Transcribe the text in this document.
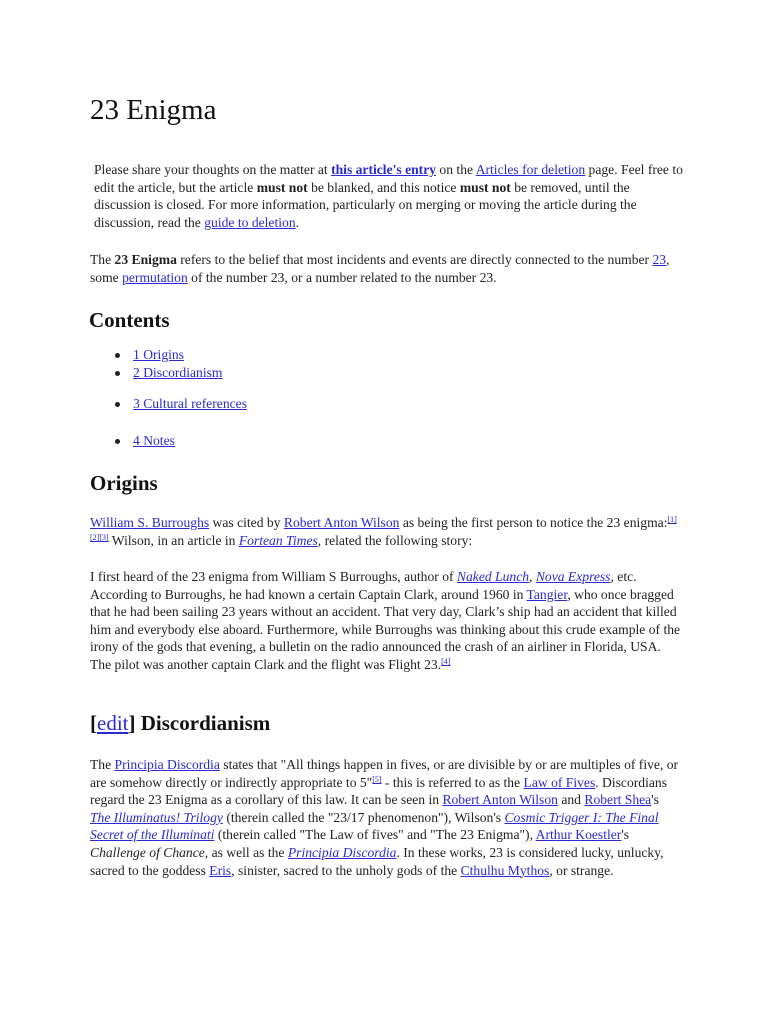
23 Enigma
Please share your thoughts on the matter at this article's entry on the Articles for deletion page. Feel free to edit the article, but the article must not be blanked, and this notice must not be removed, until the discussion is closed. For more information, particularly on merging or moving the article during the discussion, read the guide to deletion.
The 23 Enigma refers to the belief that most incidents and events are directly connected to the number 23, some permutation of the number 23, or a number related to the number 23.
Contents
1 Origins
2 Discordianism
3 Cultural references
4 Notes
Origins
William S. Burroughs was cited by Robert Anton Wilson as being the first person to notice the 23 enigma:[1][2][3] Wilson, in an article in Fortean Times, related the following story:
I first heard of the 23 enigma from William S Burroughs, author of Naked Lunch, Nova Express, etc. According to Burroughs, he had known a certain Captain Clark, around 1960 in Tangier, who once bragged that he had been sailing 23 years without an accident. That very day, Clark’s ship had an accident that killed him and everybody else aboard. Furthermore, while Burroughs was thinking about this crude example of the irony of the gods that evening, a bulletin on the radio announced the crash of an airliner in Florida, USA. The pilot was another captain Clark and the flight was Flight 23.[4]
[edit] Discordianism
The Principia Discordia states that "All things happen in fives, or are divisible by or are multiples of five, or are somehow directly or indirectly appropriate to 5"[5] - this is referred to as the Law of Fives. Discordians regard the 23 Enigma as a corollary of this law. It can be seen in Robert Anton Wilson and Robert Shea's The Illuminatus! Trilogy (therein called the "23/17 phenomenon"), Wilson's Cosmic Trigger I: The Final Secret of the Illuminati (therein called "The Law of fives" and "The 23 Enigma"), Arthur Koestler's Challenge of Chance, as well as the Principia Discordia. In these works, 23 is considered lucky, unlucky, sacred to the goddess Eris, sinister, sacred to the unholy gods of the Cthulhu Mythos, or strange.
